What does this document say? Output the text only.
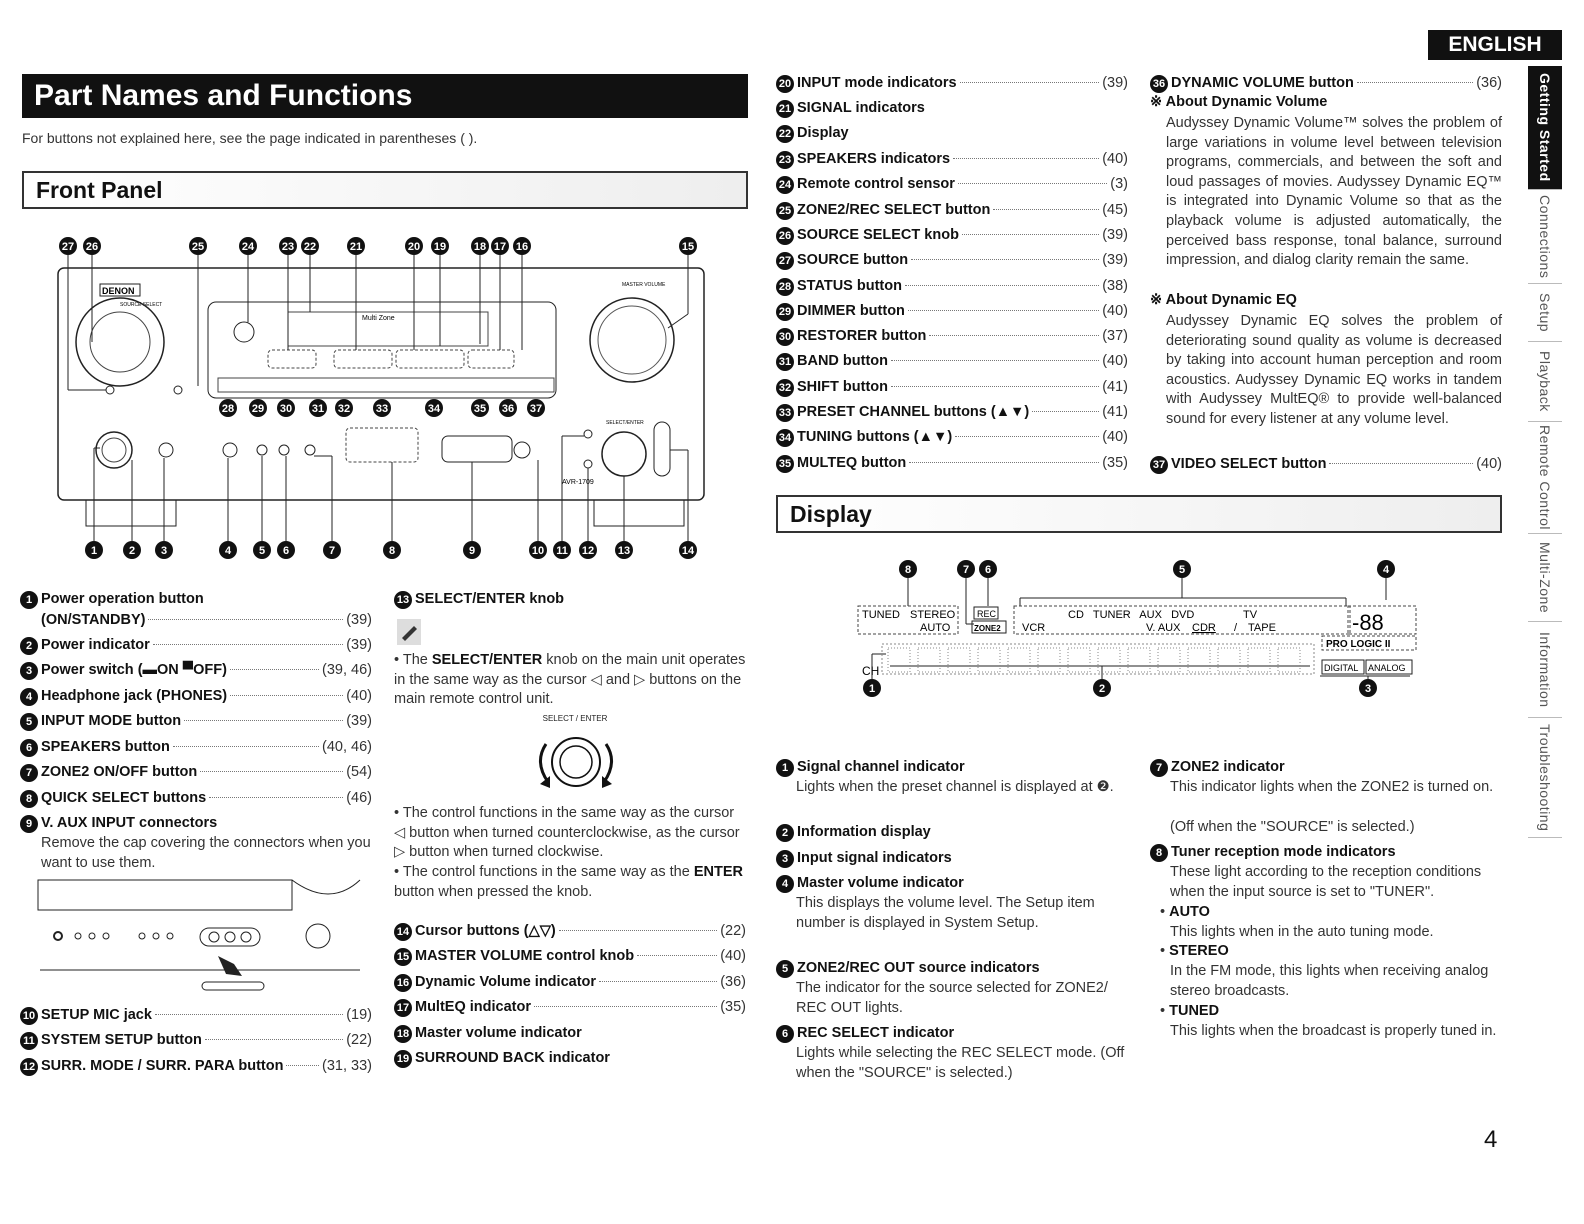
ENGLISH
Getting Started
Connections
Setup
Playback
Remote Control
Multi-Zone
Information
Troubleshooting
Part Names and Functions
For buttons not explained here, see the page indicated in parentheses ( ).
Front Panel
27 26	25	24	23 22	21	20 19	18 17 16	15
DENON
SOURCE SELECT
Multi Zone
MASTER VOLUME
28 29 30 31 32 33	34	35 36 37
SELECT/ENTER
AVR-1709
1	2 3	4	5 6	7	8	9	10 11 12 13	14
1 Power operation button
(ON/STANDBY)	(39)
2 Power indicator	(39)
3 Power switch (▬ON ▀OFF)	(39, 46)
4 Headphone jack (PHONES)	(40)
5 INPUT MODE button	(39)
6 SPEAKERS button	(40, 46)
7 ZONE2 ON/OFF button	(54)
8 QUICK SELECT buttons	(46)
9 V. AUX INPUT connectors
Remove the cap covering the connectors when you want to use them.
10 SETUP MIC jack	(19)
11 SYSTEM SETUP button	(22)
12 SURR. MODE / SURR. PARA button	(31, 33)
13 SELECT/ENTER knob
• The SELECT/ENTER knob on the main unit operates in the same way as the cursor ◁ and ▷ buttons on the main remote control unit.
SELECT / ENTER
• The control functions in the same way as the cursor ◁ button when turned counterclockwise, as the cursor ▷ button when turned clockwise.
• The control functions in the same way as the ENTER button when pressed the knob.
14 Cursor buttons (△▽)	(22)
15 MASTER VOLUME control knob	(40)
16 Dynamic Volume indicator	(36)
17 MultEQ indicator	(35)
18 Master volume indicator
19 SURROUND BACK indicator
20 INPUT mode indicators	(39)
21 SIGNAL indicators
22 Display
23 SPEAKERS indicators	(40)
24 Remote control sensor	(3)
25 ZONE2/REC SELECT button	(45)
26 SOURCE SELECT knob	(39)
27 SOURCE button	(39)
28 STATUS button	(38)
29 DIMMER button	(40)
30 RESTORER button	(37)
31 BAND button	(40)
32 SHIFT button	(41)
33 PRESET CHANNEL buttons (▲▼)	(41)
34 TUNING buttons (▲▼)	(40)
35 MULTEQ button	(35)
36 DYNAMIC VOLUME button	(36)
※ About Dynamic Volume
Audyssey Dynamic Volume™ solves the problem of large variations in volume level between television programs, commercials, and between the soft and loud passages of movies. Audyssey Dynamic EQ™ is integrated into Dynamic Volume so that as the playback volume is adjusted automatically, the perceived bass response, tonal balance, surround impression, and dialog clarity remain the same.
※ About Dynamic EQ
Audyssey Dynamic EQ solves the problem of deteriorating sound quality as volume is decreased by taking into account human perception and room acoustics. Audyssey Dynamic EQ works in tandem with Audyssey MultEQ® to provide well-balanced sound for every listener at any volume level.
37 VIDEO SELECT button	(40)
Display
8	7 6	5	4
1	2	3
TUNED STEREO
AUTO
REC
ZONE2
CD   TUNER   AUX   DVD                TV
VCR	V. AUX CDR / TAPE	-88
PRO LOGIC II
CH	DIGITAL ANALOG
1 Signal channel indicator
Lights when the preset channel is displayed at ❷.
2 Information display
3 Input signal indicators
4 Master volume indicator
This displays the volume level. The Setup item number is displayed in System Setup.
5 ZONE2/REC OUT source indicators
The indicator for the source selected for ZONE2/ REC OUT lights.
6 REC SELECT indicator
Lights while selecting the REC SELECT mode. (Off when the "SOURCE" is selected.)
7 ZONE2 indicator
This indicator lights when the ZONE2 is turned on.
(Off when the "SOURCE" is selected.)
8 Tuner reception mode indicators
These light according to the reception conditions when the input source is set to "TUNER".
• AUTO
This lights when in the auto tuning mode.
• STEREO
In the FM mode, this lights when receiving analog stereo broadcasts.
• TUNED
This lights when the broadcast is properly tuned in.
4
